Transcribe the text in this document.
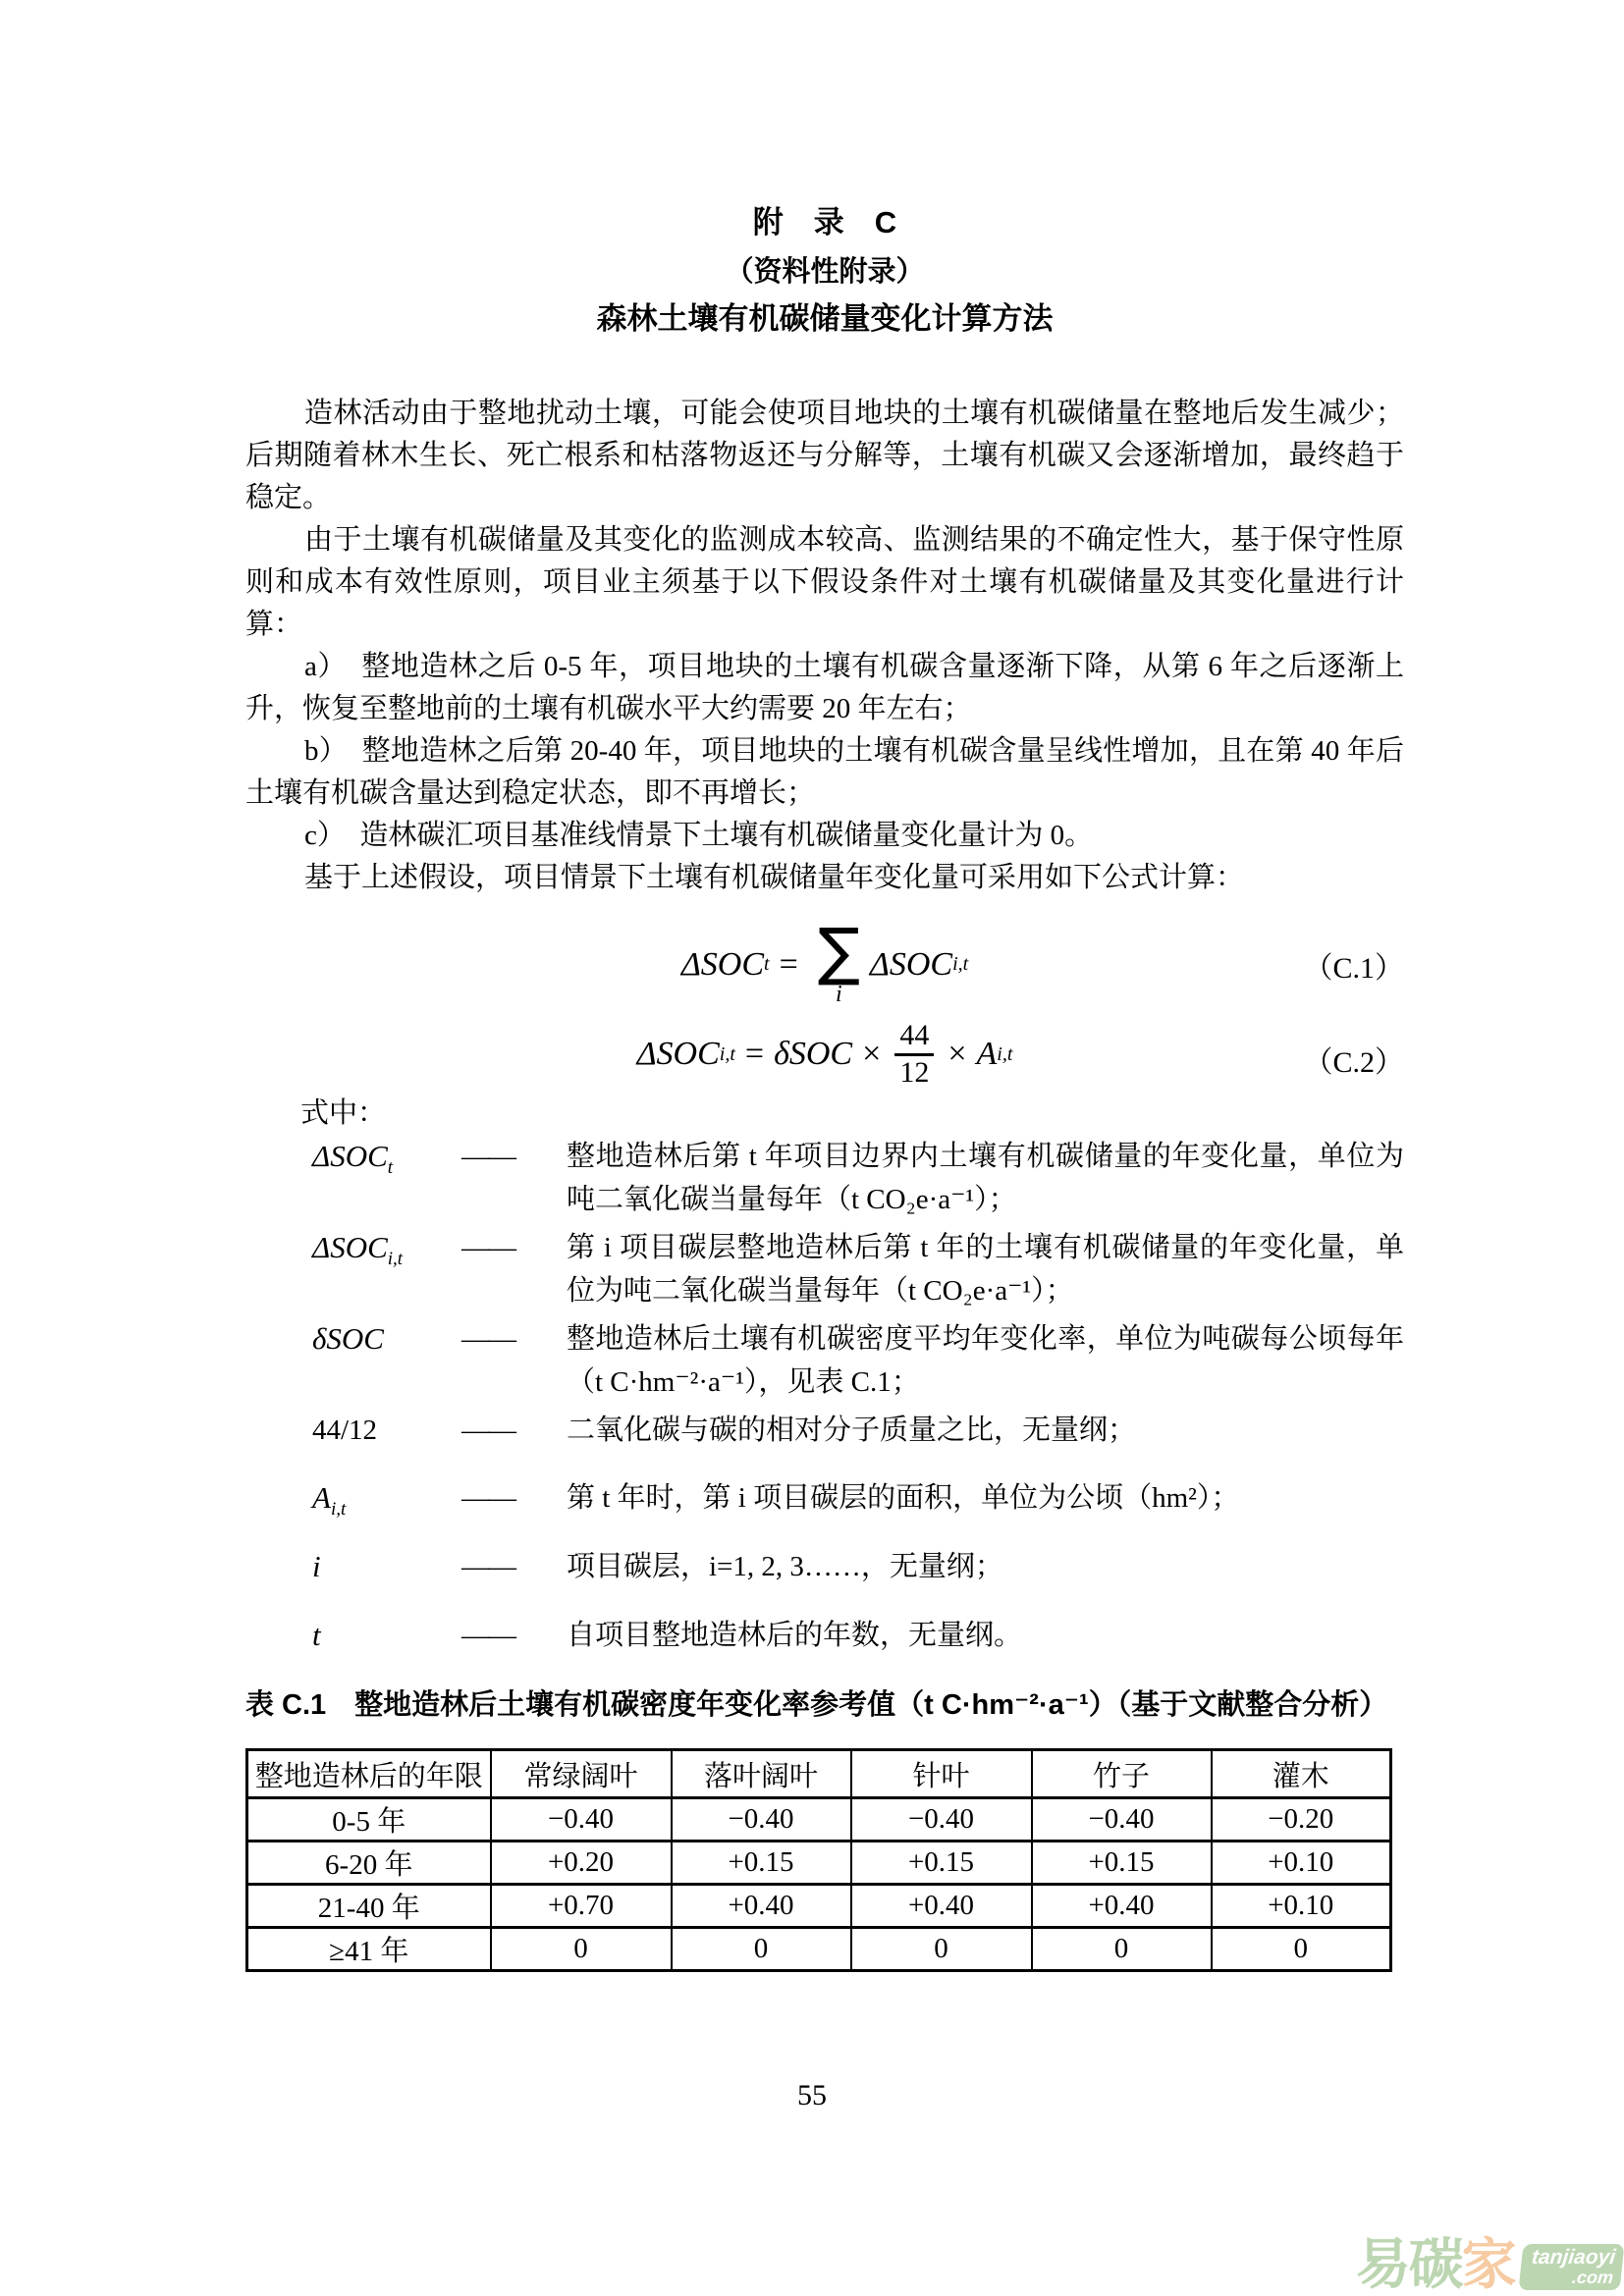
附　录　C
（资料性附录）
森林土壤有机碳储量变化计算方法

造林活动由于整地扰动土壤，可能会使项目地块的土壤有机碳储量在整地后发生减少；后期随着林木生长、死亡根系和枯落物返还与分解等，土壤有机碳又会逐渐增加，最终趋于稳定。

由于土壤有机碳储量及其变化的监测成本较高、监测结果的不确定性大，基于保守性原则和成本有效性原则，项目业主须基于以下假设条件对土壤有机碳储量及其变化量进行计算：

a）　整地造林之后 0-5 年，项目地块的土壤有机碳含量逐渐下降，从第 6 年之后逐渐上升，恢复至整地前的土壤有机碳水平大约需要 20 年左右；

b）　整地造林之后第 20-40 年，项目地块的土壤有机碳含量呈线性增加，且在第 40 年后土壤有机碳含量达到稳定状态，即不再增长；

c）　造林碳汇项目基准线情景下土壤有机碳储量变化量计为 0。

基于上述假设，项目情景下土壤有机碳储量年变化量可采用如下公式计算：

ΔSOC t = ∑
i
ΔSOC i,t	（C.1）
ΔSOC $i,t = \delta SOC \times \frac{44}{12} \times A$ i,t	（C.2）

式中：

$\Delta SOC_t$	——	整地造林后第 t 年项目边界内土壤有机碳储量的年变化量，单位为吨二氧化碳当量每年（t CO₂e·a⁻¹）；
$\Delta SOC_{i,t}$	——	第 i 项目碳层整地造林后第 t 年的土壤有机碳储量的年变化量，单位为吨二氧化碳当量每年（t CO₂e·a⁻¹）；
δSOC	——	整地造林后土壤有机碳密度平均年变化率，单位为吨碳每公顷每年（t C·hm⁻²·a⁻¹），见表 C.1；
44/12	——	二氧化碳与碳的相对分子质量之比，无量纲；
$A_{i,t}$	——	第 t 年时，第 i 项目碳层的面积，单位为公顷（hm²）；
i	——	项目碳层，i=1, 2, 3……，无量纲；
t	——	自项目整地造林后的年数，无量纲。
表 C.1　整地造林后土壤有机碳密度年变化率参考值（t C·hm⁻²·a⁻¹）（基于文献整合分析）
整地造林后的年限	常绿阔叶	落叶阔叶	针叶	竹子	灌木
0-5 年	−0.40	−0.40	−0.40	−0.40	−0.20
6-20 年	+0.20	+0.15	+0.15	+0.15	+0.10
21-40 年	+0.70	+0.40	+0.40	+0.40	+0.10
≥41 年	0	0	0	0	0
55
易碳 家 tanjiaoyi
.com
